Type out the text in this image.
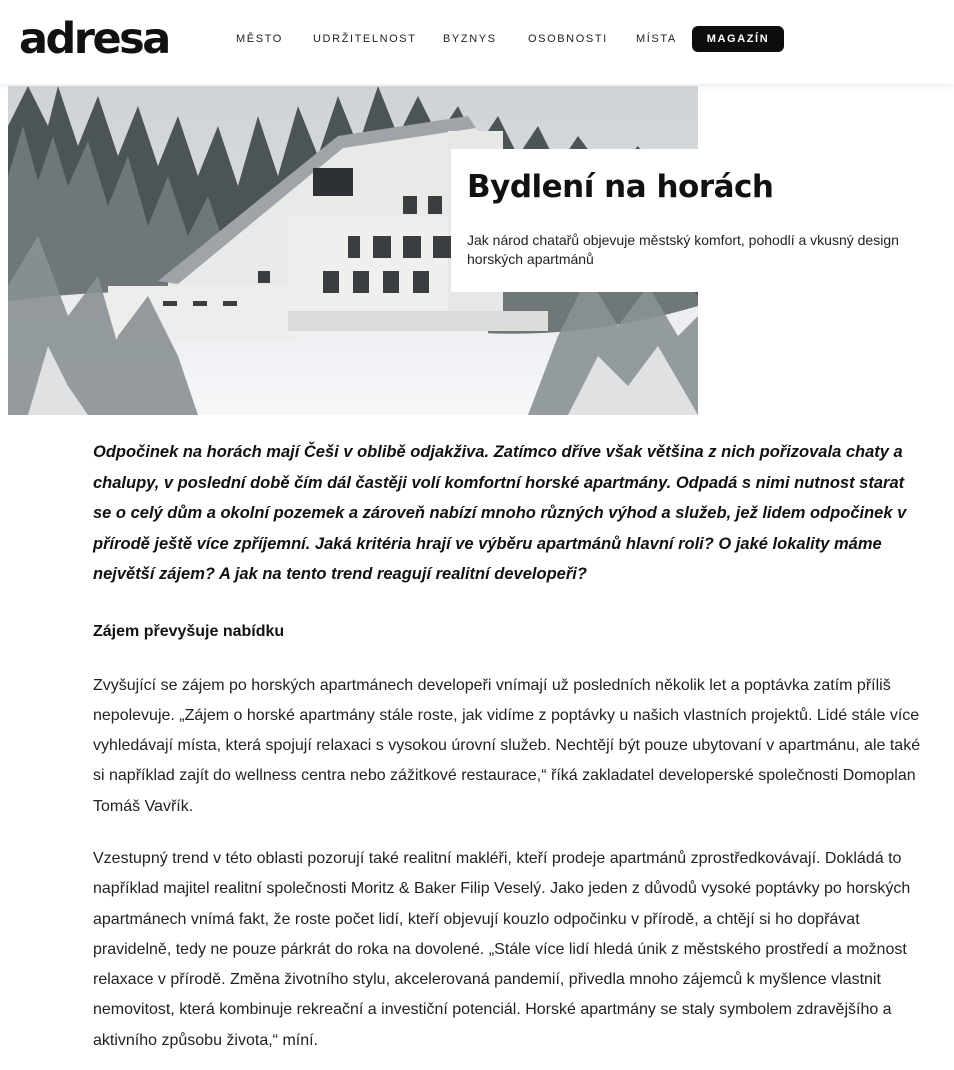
adresa	MĚSTO	UDRŽITELNOST BYZNYS	OSOBNOSTI	MÍSTA	MAGAZÍN
Bydlení na horách

Jak národ chatařů objevuje městský komfort, pohodlí a vkusný design horských apartmánů

Odpočinek na horách mají Češi v oblibě odjakživa. Zatímco dříve však většina z nich pořizovala chaty a chalupy, v poslední době čím dál častěji volí komfortní horské apartmány. Odpadá s nimi nutnost starat se o celý dům a okolní pozemek a zároveň nabízí mnoho různých výhod a služeb, jež lidem odpočinek v přírodě ještě více zpříjemní. Jaká kritéria hrají ve výběru apartmánů hlavní roli? O jaké lokality máme největší zájem? A jak na tento trend reagují realitní developeři?

Zájem převyšuje nabídku

Zvyšující se zájem po horských apartmánech developeři vnímají už posledních několik let a poptávka zatím příliš nepolevuje. „Zájem o horské apartmány stále roste, jak vidíme z poptávky u našich vlastních projektů. Lidé stále více vyhledávají místa, která spojují relaxaci s vysokou úrovní služeb. Nechtějí být pouze ubytovaní v apartmánu, ale také si například zajít do wellness centra nebo zážitkové restaurace,“ říká zakladatel developerské společnosti Domoplan Tomáš Vavřík.

Vzestupný trend v této oblasti pozorují také realitní makléři, kteří prodeje apartmánů zprostředkovávají. Dokládá to například majitel realitní společnosti Moritz & Baker Filip Veselý. Jako jeden z důvodů vysoké poptávky po horských apartmánech vnímá fakt, že roste počet lidí, kteří objevují kouzlo odpočinku v přírodě, a chtějí si ho dopřávat pravidelně, tedy ne pouze párkrát do roka na dovolené. „Stále více lidí hledá únik z městského prostředí a možnost relaxace v přírodě. Změna životního stylu, akcelerovaná pandemií, přivedla mnoho zájemců k myšlence vlastnit nemovitost, která kombinuje rekreační a investiční potenciál. Horské apartmány se staly symbolem zdravějšího a aktivního způsobu života,“ míní.
